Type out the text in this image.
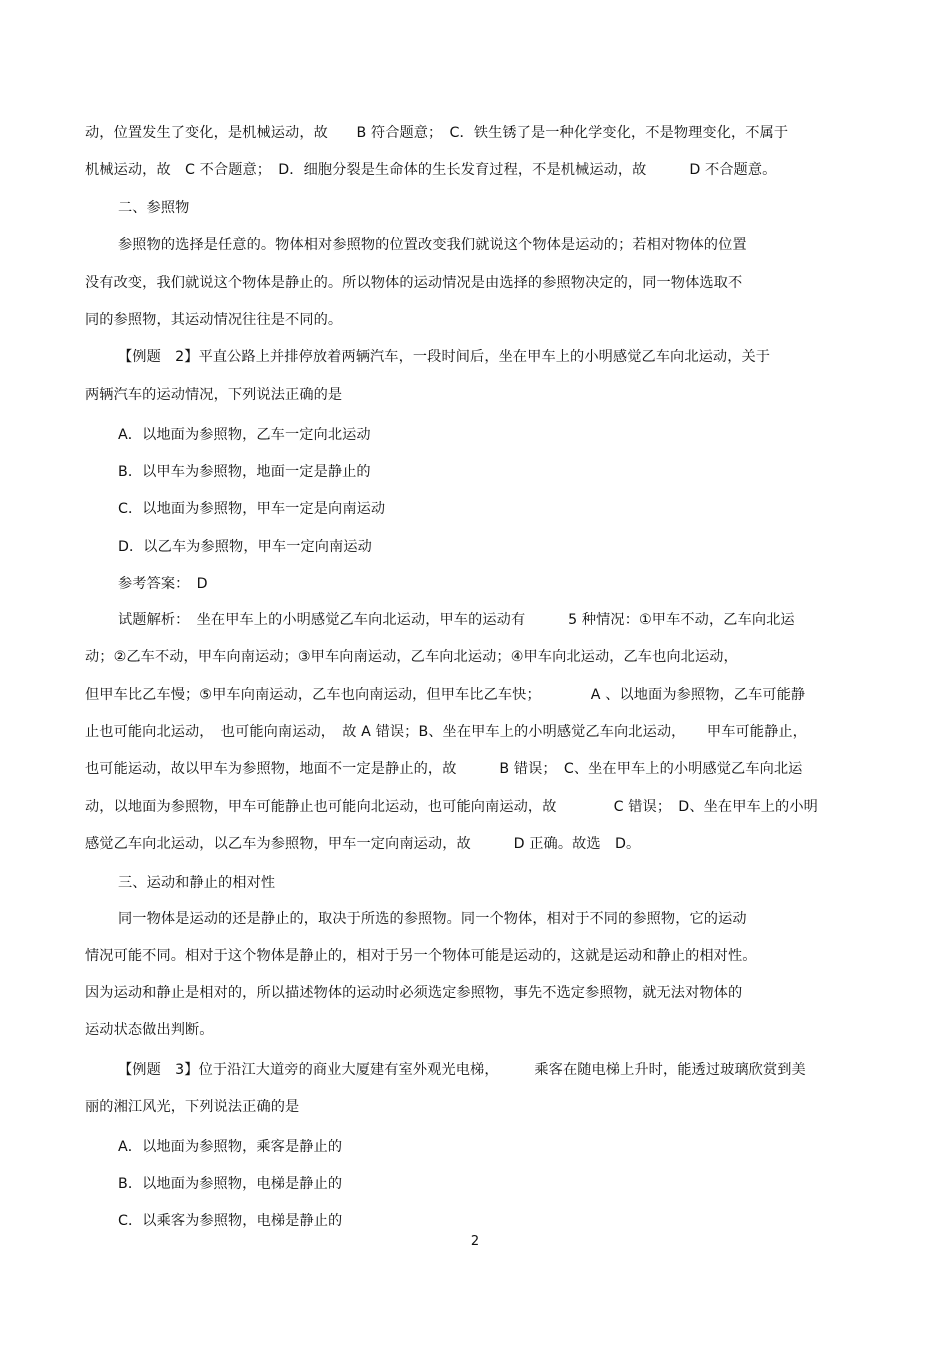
动，位置发生了变化，是机械运动，故　　B 符合题意；　C．铁生锈了是一种化学变化，不是物理变化，不属于
机械运动，故　C 不合题意；　D．细胞分裂是生命体的生长发育过程，不是机械运动，故　　　D 不合题意。
二、参照物
参照物的选择是任意的。物体相对参照物的位置改变我们就说这个物体是运动的；若相对物体的位置
没有改变，我们就说这个物体是静止的。所以物体的运动情况是由选择的参照物决定的，同一物体选取不
同的参照物，其运动情况往往是不同的。
【例题　2】平直公路上并排停放着两辆汽车，一段时间后，坐在甲车上的小明感觉乙车向北运动，关于
两辆汽车的运动情况，下列说法正确的是
A．以地面为参照物，乙车一定向北运动
B．以甲车为参照物，地面一定是静止的
C．以地面为参照物，甲车一定是向南运动
D．以乙车为参照物，甲车一定向南运动
参考答案：　D
试题解析：　坐在甲车上的小明感觉乙车向北运动，甲车的运动有　　　5 种情况：①甲车不动，乙车向北运
动；②乙车不动，甲车向南运动；③甲车向南运动，乙车向北运动；④甲车向北运动，乙车也向北运动，
但甲车比乙车慢；⑤甲车向南运动，乙车也向南运动，但甲车比乙车快；　　　　A 、以地面为参照物，乙车可能静
止也可能向北运动，　也可能向南运动，　故 A 错误；B、坐在甲车上的小明感觉乙车向北运动，　　甲车可能静止，
也可能运动，故以甲车为参照物，地面不一定是静止的，故　　　B 错误；　C、坐在甲车上的小明感觉乙车向北运
动，以地面为参照物，甲车可能静止也可能向北运动，也可能向南运动，故　　　　C 错误；　D、坐在甲车上的小明
感觉乙车向北运动，以乙车为参照物，甲车一定向南运动，故　　　D 正确。故选　D。
三、运动和静止的相对性
同一物体是运动的还是静止的，取决于所选的参照物。同一个物体，相对于不同的参照物，它的运动
情况可能不同。相对于这个物体是静止的，相对于另一个物体可能是运动的，这就是运动和静止的相对性。
因为运动和静止是相对的，所以描述物体的运动时必须选定参照物，事先不选定参照物，就无法对物体的
运动状态做出判断。
【例题　3】位于沿江大道旁的商业大厦建有室外观光电梯，　　　乘客在随电梯上升时，能透过玻璃欣赏到美
丽的湘江风光，下列说法正确的是
A．以地面为参照物，乘客是静止的
B．以地面为参照物，电梯是静止的
C．以乘客为参照物，电梯是静止的
2
